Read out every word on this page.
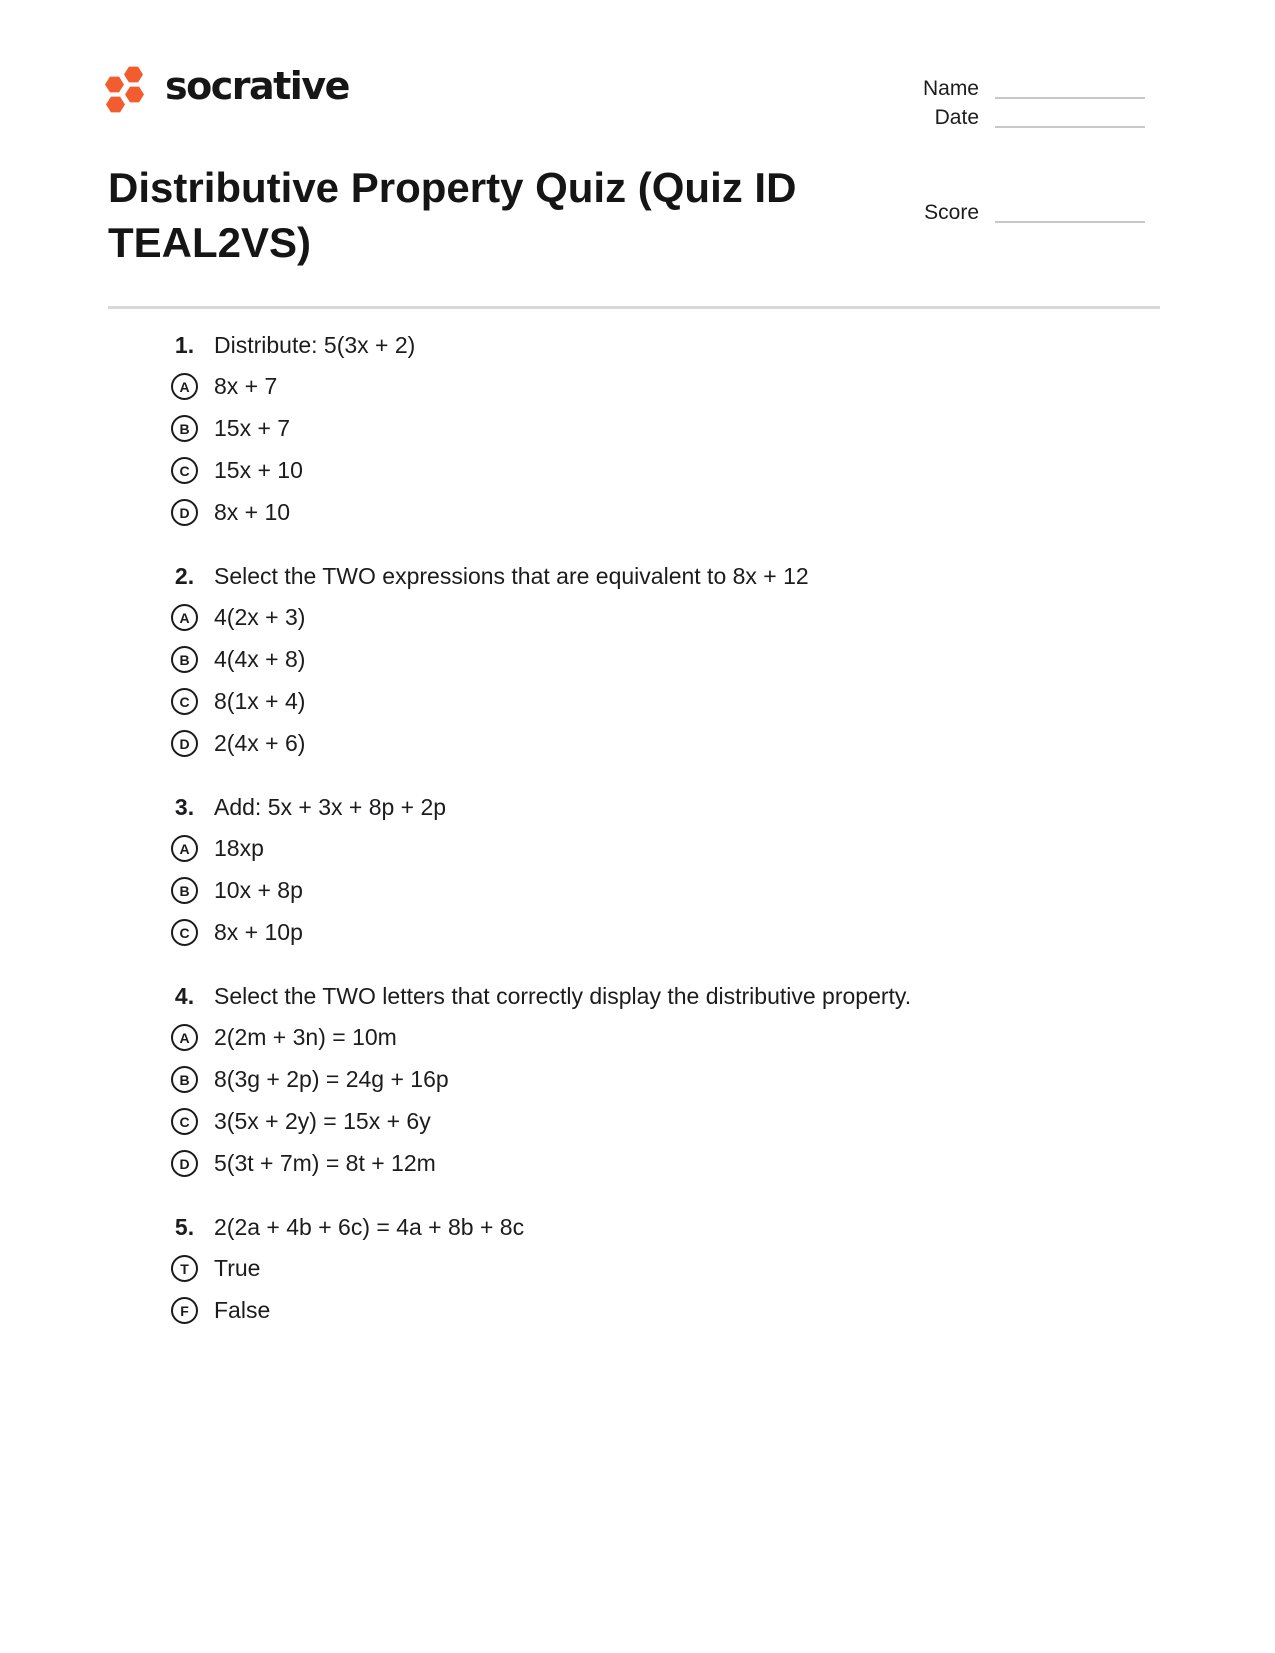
socrative	Name
Date
Score
Distributive Property Quiz (Quiz ID TEAL2VS)
1. Distribute: 5(3x + 2)
A	8x + 7
B	15x + 7
C	15x + 10
D	8x + 10
2. Select the TWO expressions that are equivalent to 8x + 12
A	4(2x + 3)
B	4(4x + 8)
C	8(1x + 4)
D	2(4x + 6)
3. Add: 5x + 3x + 8p + 2p
A	18xp
B	10x + 8p
C	8x + 10p
4. Select the TWO letters that correctly display the distributive property.
A	2(2m + 3n) = 10m
B	8(3g + 2p) = 24g + 16p
C	3(5x + 2y) = 15x + 6y
D	5(3t + 7m) = 8t + 12m
5. 2(2a + 4b + 6c) = 4a + 8b + 8c
T	True
F	False
